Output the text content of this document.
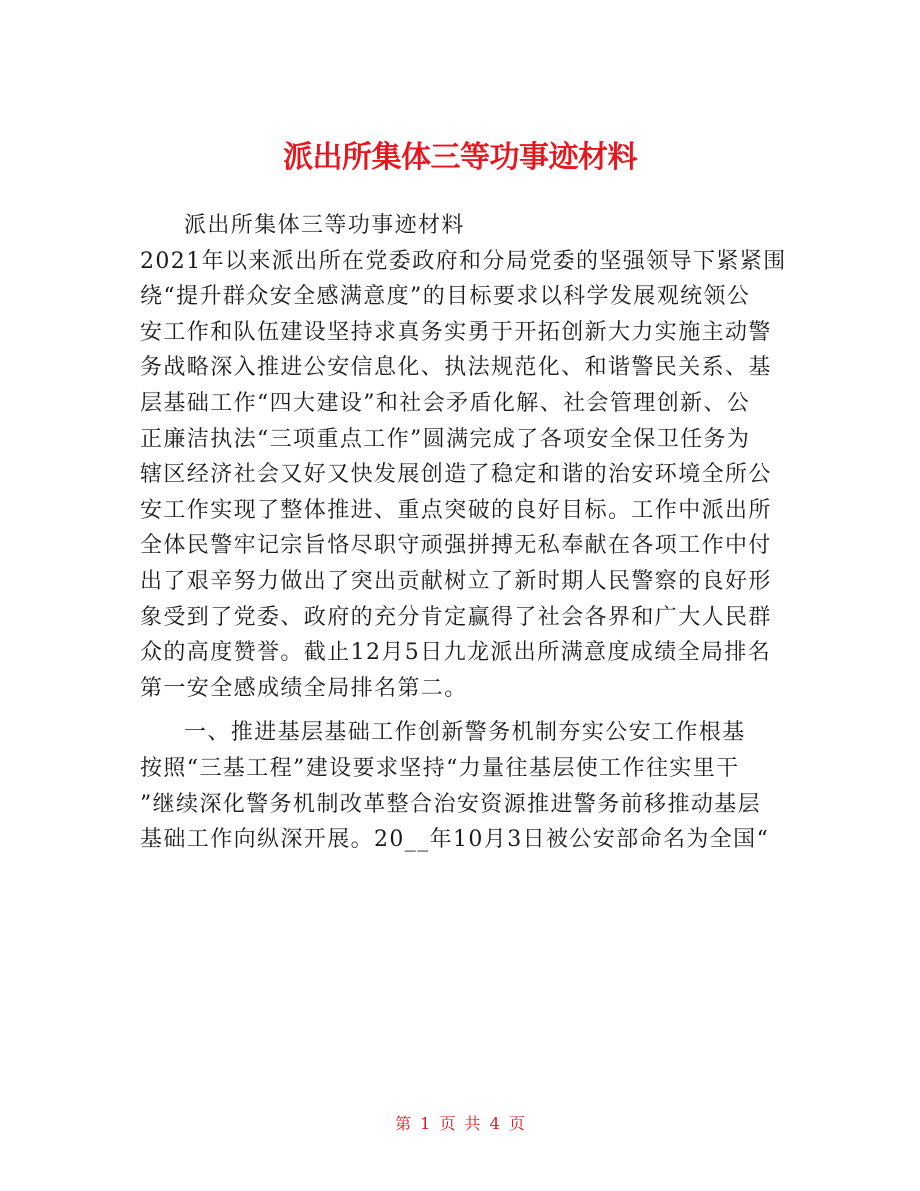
派出所集体三等功事迹材料
派出所集体三等功事迹材料
2021年以来派出所在党委政府和分局党委的坚强领导下紧紧围
绕“提升群众安全感满意度”的目标要求以科学发展观统领公
安工作和队伍建设坚持求真务实勇于开拓创新大力实施主动警
务战略深入推进公安信息化、执法规范化、和谐警民关系、基
层基础工作“四大建设”和社会矛盾化解、社会管理创新、公
正廉洁执法“三项重点工作”圆满完成了各项安全保卫任务为
辖区经济社会又好又快发展创造了稳定和谐的治安环境全所公
安工作实现了整体推进、重点突破的良好目标。工作中派出所
全体民警牢记宗旨恪尽职守顽强拼搏无私奉献在各项工作中付
出了艰辛努力做出了突出贡献树立了新时期人民警察的良好形
象受到了党委、政府的充分肯定赢得了社会各界和广大人民群
众的高度赞誉。截止12月5日九龙派出所满意度成绩全局排名
第一安全感成绩全局排名第二。
一、推进基层基础工作创新警务机制夯实公安工作根基
按照“三基工程”建设要求坚持“力量往基层使工作往实里干
”继续深化警务机制改革整合治安资源推进警务前移推动基层
基础工作向纵深开展。20__年10月3日被公安部命名为全国“
第 1 页 共 4 页
